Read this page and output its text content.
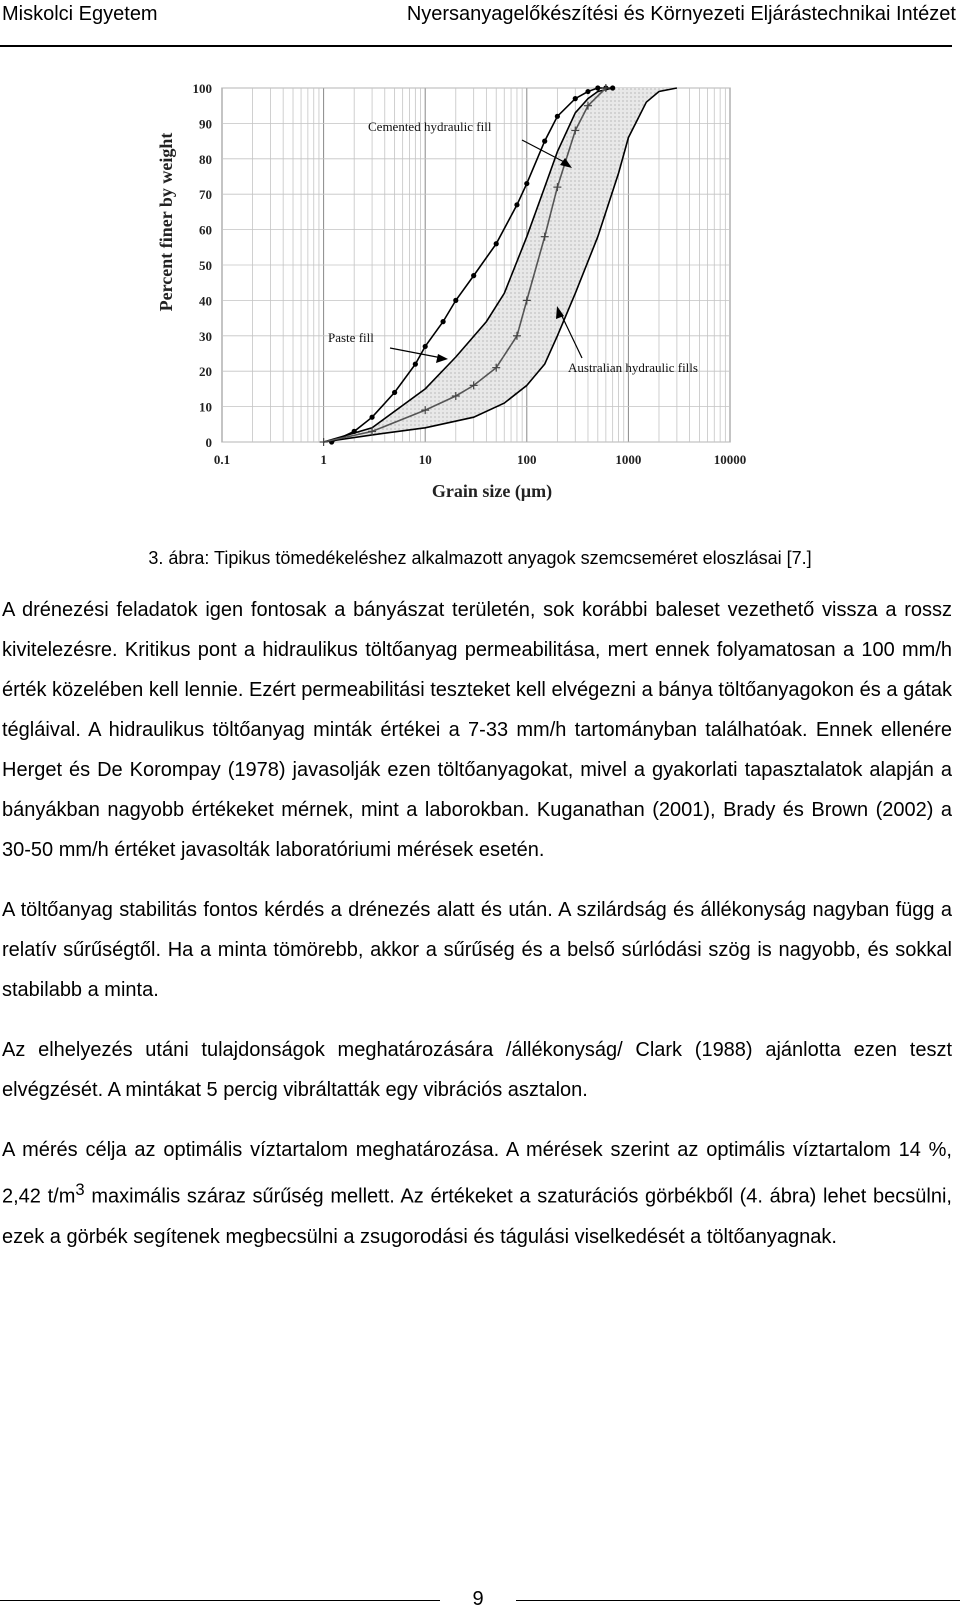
Miskolci Egyetem	Nyersanyagelőkészítési és Környezeti Eljárástechnikai Intézet
0
10
20
30
40
50
60
70
80
90
100
0.1	1	10	100	1000	10000
Percent finer by weight
Grain size (µm)
Cemented hydraulic fill
Paste fill
Australian hydraulic fills
3. ábra: Tipikus tömedékeléshez alkalmazott anyagok szemcseméret eloszlásai [7.]

A drénezési feladatok igen fontosak a bányászat területén, sok korábbi baleset vezethető vissza a rossz kivitelezésre. Kritikus pont a hidraulikus töltőanyag permeabilitása, mert ennek folyamatosan a 100 mm/h érték közelében kell lennie. Ezért permeabilitási teszteket kell elvégezni a bánya töltőanyagokon és a gátak tégláival. A hidraulikus töltőanyag minták értékei a 7-33 mm/h tartományban találhatóak. Ennek ellenére Herget és De Korompay (1978) javasolják ezen töltőanyagokat, mivel a gyakorlati tapasztalatok alapján a bányákban nagyobb értékeket mérnek, mint a laborokban. Kuganathan (2001), Brady és Brown (2002) a 30-50 mm/h értéket javasolták laboratóriumi mérések esetén.

A töltőanyag stabilitás fontos kérdés a drénezés alatt és után. A szilárdság és állékonyság nagyban függ a relatív sűrűségtől. Ha a minta tömörebb, akkor a sűrűség és a belső súrlódási szög is nagyobb, és sokkal stabilabb a minta.

Az elhelyezés utáni tulajdonságok meghatározására /állékonyság/ Clark (1988) ajánlotta ezen teszt elvégzését. A mintákat 5 percig vibráltatták egy vibrációs asztalon.

A mérés célja az optimális víztartalom meghatározása. A mérések szerint az optimális víztartalom 14 %, 2,42 $t/m^3$ maximális száraz sűrűség mellett. Az értékeket a szaturációs görbékből (4. ábra) lehet becsülni, ezek a görbék segítenek megbecsülni a zsugorodási és tágulási viselkedését a töltőanyagnak.

9
